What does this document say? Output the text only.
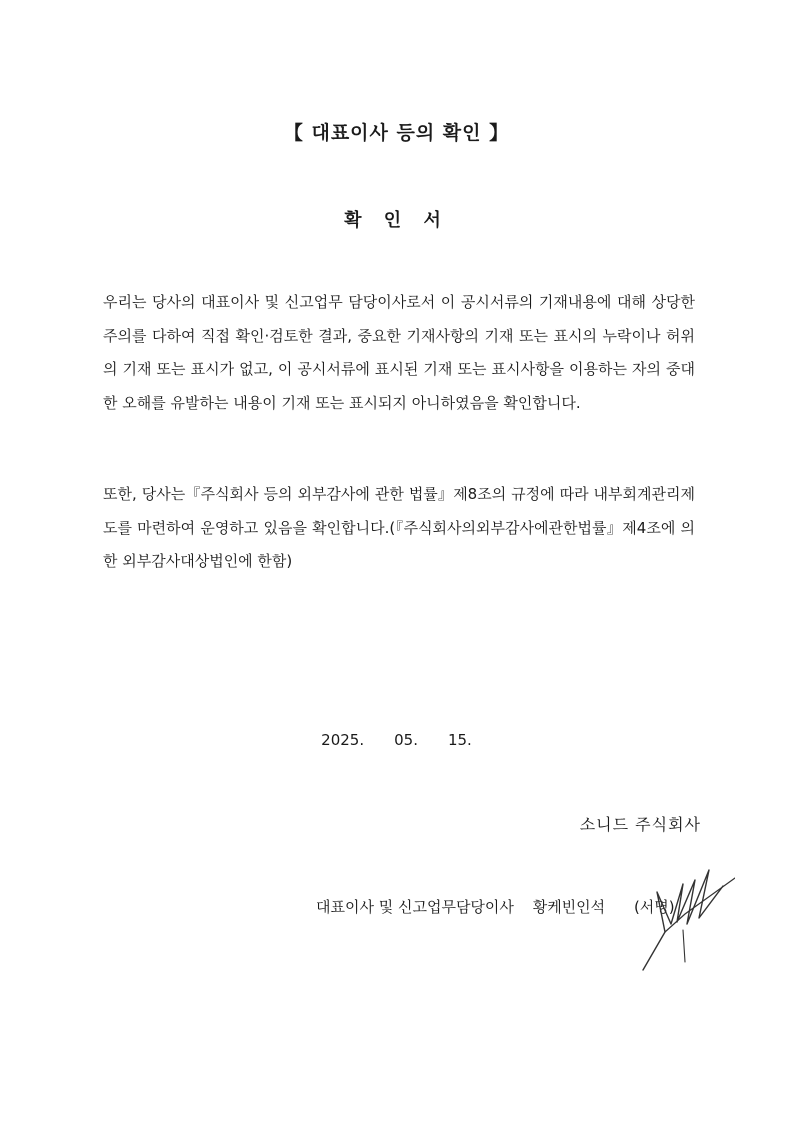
【 대표이사 등의 확인 】
확 인 서
우리는 당사의 대표이사 및 신고업무 담당이사로서 이 공시서류의 기재내용에 대해 상당한 주의를 다하여 직접 확인·검토한 결과, 중요한 기재사항의 기재 또는 표시의 누락이나 허위의 기재 또는 표시가 없고, 이 공시서류에 표시된 기재 또는 표시사항을 이용하는 자의 중대한 오해를 유발하는 내용이 기재 또는 표시되지 아니하였음을 확인합니다.
또한, 당사는『주식회사 등의 외부감사에 관한 법률』제8조의 규정에 따라 내부회계관리제도를 마련하여 운영하고 있음을 확인합니다.(『주식회사의외부감사에관한법률』제4조에 의한 외부감사대상법인에 한함)
2025. 05. 15.
소니드 주식회사
대표이사 및 신고업무담당이사 황케빈인석 (서명)
